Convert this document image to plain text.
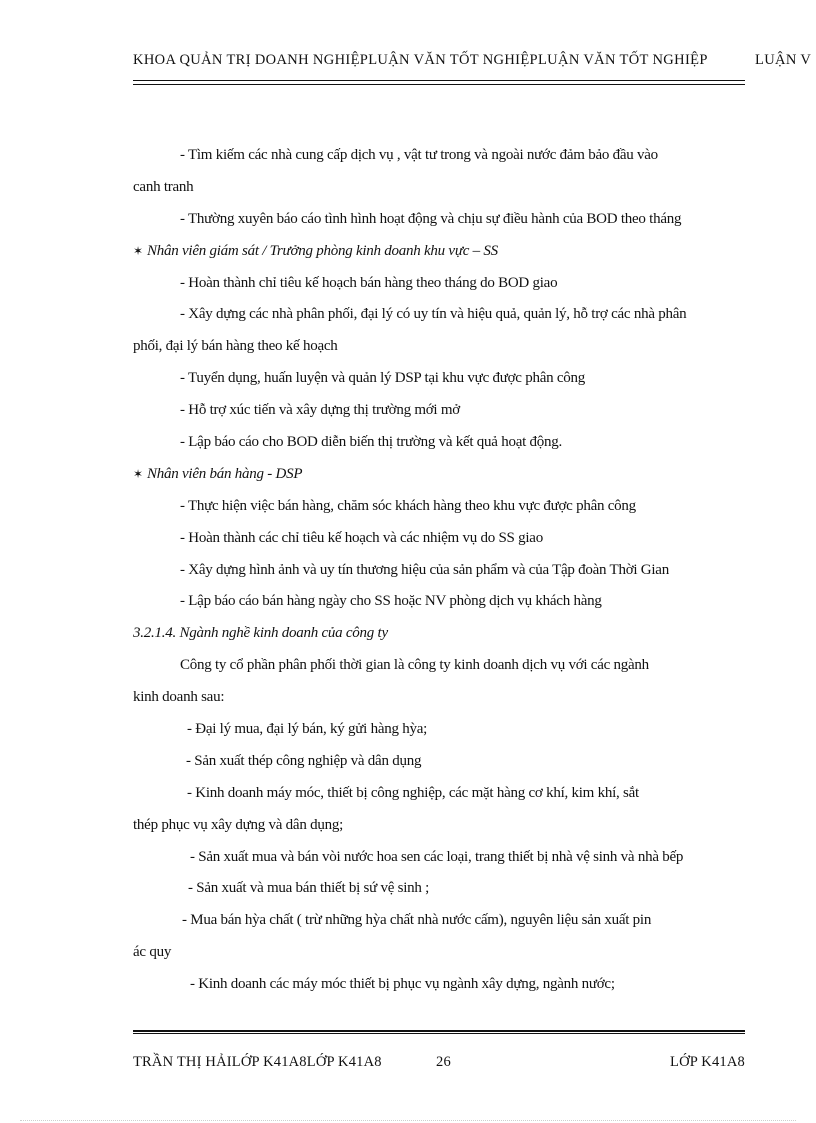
KHOA QUẢN TRỊ DOANH NGHIỆPLUẬN VĂN TỐT NGHIỆPLUẬN VĂN TỐT NGHIỆP	LUẬN V
- Tìm kiếm các nhà cung cấp dịch vụ , vật tư trong và ngoài nước đảm bảo đầu vào
canh tranh
- Thường xuyên báo cáo tình hình hoạt động và chịu sự điều hành của BOD theo tháng
✶ Nhân viên giám sát / Trưởng phòng kinh doanh khu vực – SS
- Hoàn thành chỉ tiêu kế hoạch bán hàng theo tháng do BOD giao
- Xây dựng các nhà phân phối, đại lý có uy tín và hiệu quả, quản lý, hỗ trợ các nhà phân
phối, đại lý bán hàng theo kế hoạch
- Tuyển dụng, huấn luyện và quản lý DSP tại khu vực được phân công
- Hỗ trợ xúc tiến và xây dựng thị trường mới mở
- Lập báo cáo cho BOD diễn biến thị trường và kết quả hoạt động.
✶ Nhân viên bán hàng - DSP
- Thực hiện việc bán hàng, chăm sóc khách hàng theo khu vực được phân công
- Hoàn thành các chỉ tiêu kế hoạch và các nhiệm vụ do SS giao
- Xây dựng hình ảnh và uy tín thương hiệu của sản phẩm và của Tập đoàn Thời Gian
- Lập báo cáo bán hàng ngày cho SS hoặc NV phòng dịch vụ khách hàng
3.2.1.4. Ngành nghề kinh doanh của công ty
Công ty cổ phần phân phối thời gian là công ty kinh doanh dịch vụ với các ngành
kinh doanh sau:
- Đại lý mua, đại lý bán, ký gửi hàng hỳa;
- Sản xuất thép công nghiệp và dân dụng
- Kinh doanh máy móc, thiết bị công nghiệp, các mặt hàng cơ khí, kim khí, sắt
thép phục vụ xây dựng và dân dụng;
- Sản xuất mua và bán vòi nước hoa sen các loại, trang thiết bị nhà vệ sinh và nhà bếp
- Sản xuất và mua bán thiết bị sứ vệ sinh ;
- Mua bán hỳa chất ( trừ những hỳa chất nhà nước cấm), nguyên liệu sản xuất pin
ác quy
- Kinh doanh các máy móc thiết bị phục vụ ngành xây dựng, ngành nước;
TRẦN THỊ HẢILỚP K41A8LỚP K41A8	26	LỚP K41A8
